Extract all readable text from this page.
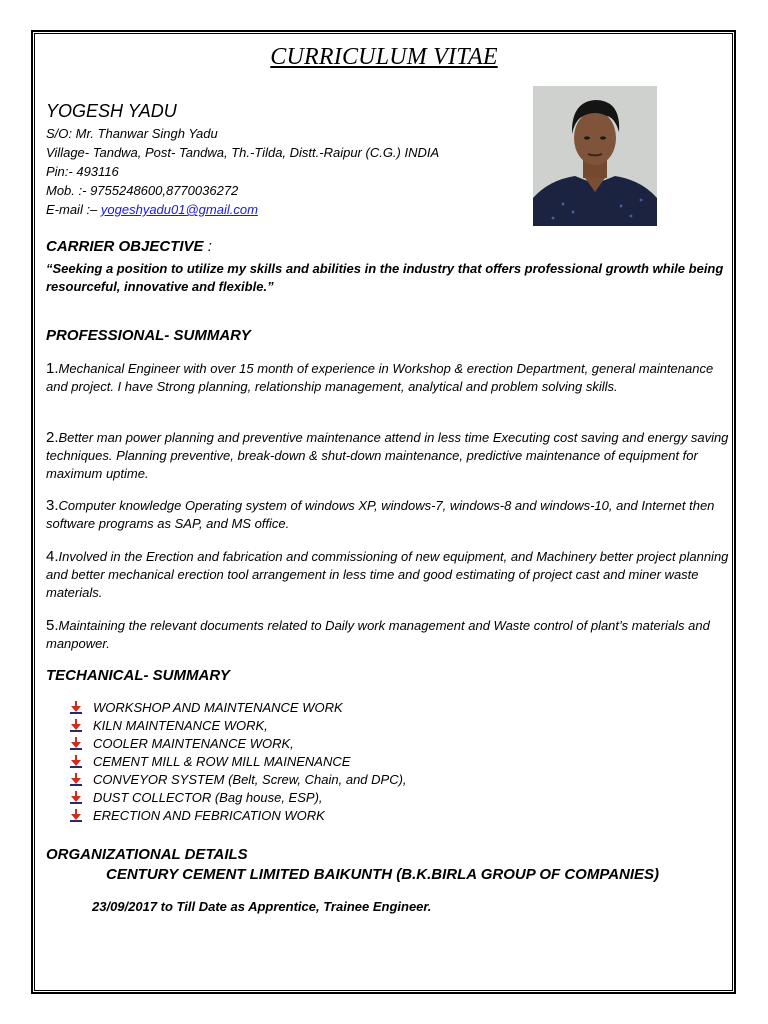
CURRICULUM VITAE
YOGESH YADU
S/O: Mr. Thanwar Singh Yadu
Village- Tandwa, Post- Tandwa, Th.-Tilda, Distt.-Raipur (C.G.) INDIA
Pin:- 493116
Mob. :- 9755248600,8770036272
E-mail :– yogeshyadu01@gmail.com
CARRIER OBJECTIVE :
“Seeking a position to utilize my skills and abilities in the industry that offers professional growth while being resourceful, innovative and flexible.”
PROFESSIONAL- SUMMARY
1.Mechanical Engineer with over 15 month of experience in Workshop & erection Department, general maintenance and project. I have Strong planning, relationship management, analytical and problem solving skills.
2.Better man power planning and preventive maintenance attend in less time Executing cost saving and energy saving techniques. Planning preventive, break-down & shut-down maintenance, predictive maintenance of equipment for maximum uptime.
3.Computer knowledge Operating system of windows XP, windows-7, windows-8 and windows-10, and Internet then software programs as SAP, and MS office.
4.Involved in the Erection and fabrication and commissioning of new equipment, and Machinery better project planning and better mechanical erection tool arrangement in less time and good estimating of project cast and miner waste materials.
5.Maintaining the relevant documents related to Daily work management and Waste control of plant’s materials and manpower.
TECHANICAL- SUMMARY
WORKSHOP AND MAINTENANCE WORK
KILN MAINTENANCE WORK,
COOLER MAINTENANCE WORK,
CEMENT MILL & ROW MILL MAINENANCE
CONVEYOR SYSTEM (Belt, Screw, Chain, and DPC),
DUST COLLECTOR (Bag house, ESP),
ERECTION AND FEBRICATION WORK
ORGANIZATIONAL DETAILS
CENTURY CEMENT LIMITED BAIKUNTH (B.K.BIRLA GROUP OF COMPANIES)
23/09/2017 to Till Date as Apprentice, Trainee Engineer.
